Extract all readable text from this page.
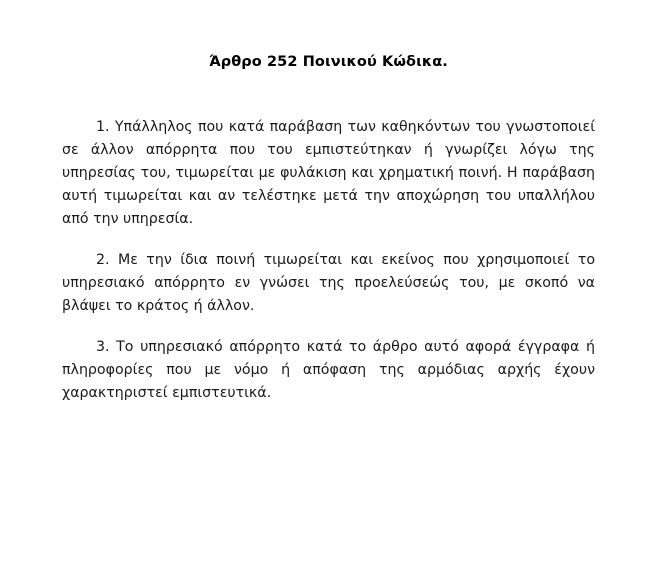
Άρθρο 252 Ποινικού Κώδικα.

1. Υπάλληλος που κατά παράβαση των καθηκόντων του γνωστοποιεί σε άλλον απόρρητα που του εμπιστεύτηκαν ή γνωρίζει λόγω της υπηρεσίας του, τιμωρείται με φυλάκιση και χρηματική ποινή. Η παράβαση αυτή τιμωρείται και αν τελέστηκε μετά την αποχώρηση του υπαλλήλου από την υπηρεσία.

2. Με την ίδια ποινή τιμωρείται και εκείνος που χρησιμοποιεί το υπηρεσιακό απόρρητο εν γνώσει της προελεύσεώς του, με σκοπό να βλάψει το κράτος ή άλλον.

3. Το υπηρεσιακό απόρρητο κατά το άρθρο αυτό αφορά έγγραφα ή πληροφορίες που με νόμο ή απόφαση της αρμόδιας αρχής έχουν χαρακτηριστεί εμπιστευτικά.
